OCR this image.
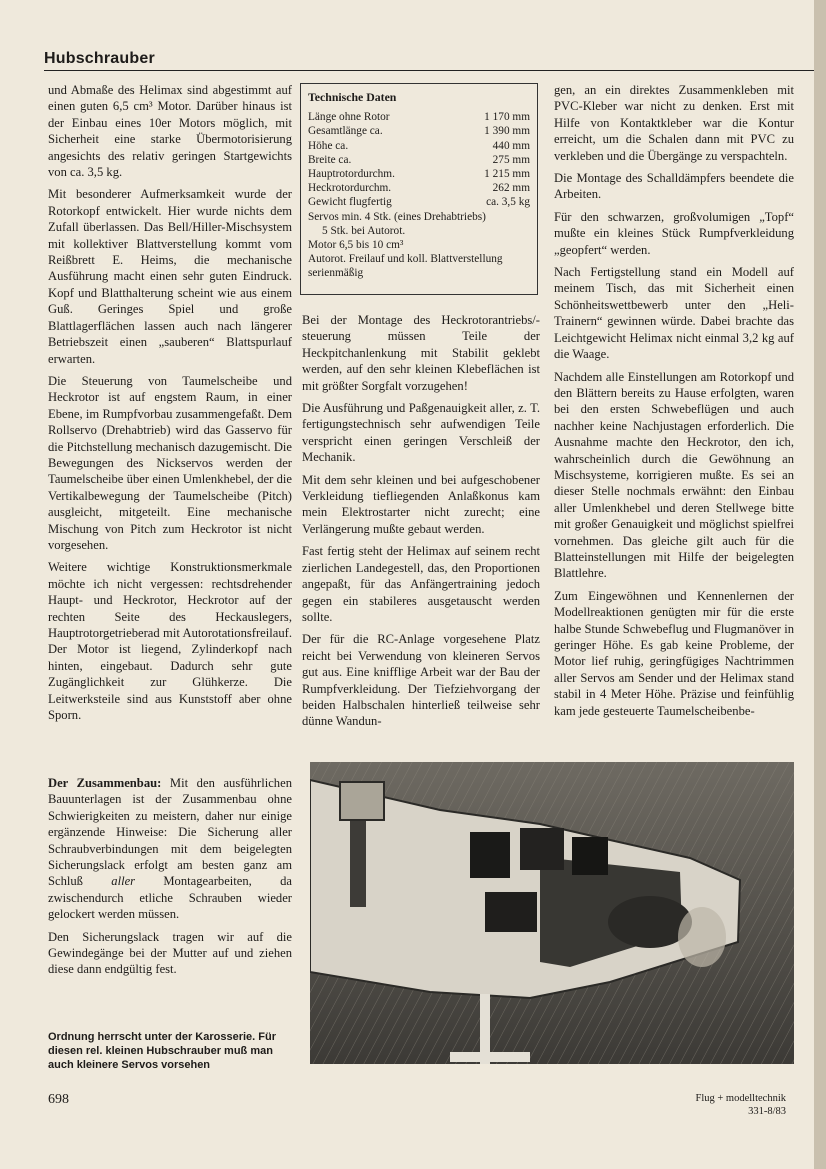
Hubschrauber

und Abmaße des Helimax sind abgestimmt auf einen guten 6,5 cm³ Motor. Darüber hinaus ist der Einbau eines 10er Motors möglich, mit Sicherheit eine starke Übermotorisierung angesichts des relativ geringen Startgewichts von ca. 3,5 kg.

Mit besonderer Aufmerksamkeit wurde der Rotorkopf entwickelt. Hier wurde nichts dem Zufall überlassen. Das Bell/Hiller-Mischsystem mit kollektiver Blattverstellung kommt vom Reißbrett E. Heims, die mechanische Ausführung macht einen sehr guten Eindruck. Kopf und Blatthalterung scheint wie aus einem Guß. Geringes Spiel und große Blattlagerflächen lassen auch nach längerer Betriebszeit einen „sauberen“ Blattspurlauf erwarten.

Die Steuerung von Taumelscheibe und Heckrotor ist auf engstem Raum, in einer Ebene, im Rumpfvorbau zusammengefaßt. Dem Rollservo (Drehabtrieb) wird das Gasservo für die Pitchstellung mechanisch dazugemischt. Die Bewegungen des Nickservos werden der Taumelscheibe über einen Umlenkhebel, der die Vertikalbewegung der Taumelscheibe (Pitch) ausgleicht, mitgeteilt. Eine mechanische Mischung von Pitch zum Heckrotor ist nicht vorgesehen.

Weitere wichtige Konstruktionsmerkmale möchte ich nicht vergessen: rechtsdrehender Haupt- und Heckrotor, Heckrotor auf der rechten Seite des Heckauslegers, Hauptrotorgetrieberad mit Autorotationsfreilauf. Der Motor ist liegend, Zylinderkopf nach hinten, eingebaut. Dadurch sehr gute Zugänglichkeit zur Glühkerze. Die Leitwerksteile sind aus Kunststoff aber ohne Sporn.

Technische Daten
Länge ohne Rotor	1 170 mm
Gesamtlänge ca.	1 390 mm
Höhe ca.	440 mm
Breite ca.	275 mm
Hauptrotordurchm.	1 215 mm
Heckrotordurchm.	262 mm
Gewicht flugfertig	ca. 3,5 kg
Servos min. 4 Stk. (eines Drehabtriebs)
5 Stk. bei Autorot.
Motor 6,5 bis 10 cm³
Autorot. Freilauf und koll. Blattverstellung serienmäßig

Bei der Montage des Heckrotorantriebs/-steuerung müssen Teile der Heckpitchanlenkung mit Stabilit geklebt werden, auf den sehr kleinen Klebeflächen ist mit größter Sorgfalt vorzugehen!

Die Ausführung und Paßgenauigkeit aller, z. T. fertigungstechnisch sehr aufwendigen Teile verspricht einen geringen Verschleiß der Mechanik.

Mit dem sehr kleinen und bei aufgeschobener Verkleidung tiefliegenden Anlaßkonus kam mein Elektrostarter nicht zurecht; eine Verlängerung mußte gebaut werden.

Fast fertig steht der Helimax auf seinem recht zierlichen Landegestell, das, den Proportionen angepaßt, für das Anfängertraining jedoch gegen ein stabileres ausgetauscht werden sollte.

Der für die RC-Anlage vorgesehene Platz reicht bei Verwendung von kleineren Servos gut aus. Eine knifflige Arbeit war der Bau der Rumpfverkleidung. Der Tiefziehvorgang der beiden Halbschalen hinterließ teilweise sehr dünne Wandun-

gen, an ein direktes Zusammenkleben mit PVC-Kleber war nicht zu denken. Erst mit Hilfe von Kontaktkleber war die Kontur erreicht, um die Schalen dann mit PVC zu verkleben und die Übergänge zu verspachteln.

Die Montage des Schalldämpfers beendete die Arbeiten.

Für den schwarzen, großvolumigen „Topf“ mußte ein kleines Stück Rumpfverkleidung „geopfert“ werden.

Nach Fertigstellung stand ein Modell auf meinem Tisch, das mit Sicherheit einen Schönheitswettbewerb unter den „Heli-Trainern“ gewinnen würde. Dabei brachte das Leichtgewicht Helimax nicht einmal 3,2 kg auf die Waage.

Nachdem alle Einstellungen am Rotorkopf und den Blättern bereits zu Hause erfolgten, waren bei den ersten Schwebeflügen und auch nachher keine Nachjustagen erforderlich. Die Ausnahme machte den Heckrotor, den ich, wahrscheinlich durch die Gewöhnung an Mischsysteme, korrigieren mußte. Es sei an dieser Stelle nochmals erwähnt: den Einbau aller Umlenkhebel und deren Stellwege bitte mit großer Genauigkeit und möglichst spielfrei vornehmen. Das gleiche gilt auch für die Blatteinstellungen mit Hilfe der beigelegten Blattlehre.

Zum Eingewöhnen und Kennenlernen der Modellreaktionen genügten mir für die erste halbe Stunde Schwebeflug und Flugmanöver in geringer Höhe. Es gab keine Probleme, der Motor lief ruhig, geringfügiges Nachtrimmen aller Servos am Sender und der Helimax stand stabil in 4 Meter Höhe. Präzise und feinfühlig kam jede gesteuerte Taumelscheibenbe-

Der Zusammenbau: Mit den ausführlichen Bauunterlagen ist der Zusammenbau ohne Schwierigkeiten zu meistern, daher nur einige ergänzende Hinweise: Die Sicherung aller Schraubverbindungen mit dem beigelegten Sicherungslack erfolgt am besten ganz am Schluß aller Montagearbeiten, da zwischendurch etliche Schrauben wieder gelockert werden müssen.

Den Sicherungslack tragen wir auf die Gewindegänge bei der Mutter auf und ziehen diese dann endgültig fest.

Ordnung herrscht unter der Karosserie. Für diesen rel. kleinen Hubschrauber muß man auch kleinere Servos vorsehen
698	Flug + modelltechnik
331-8/83
